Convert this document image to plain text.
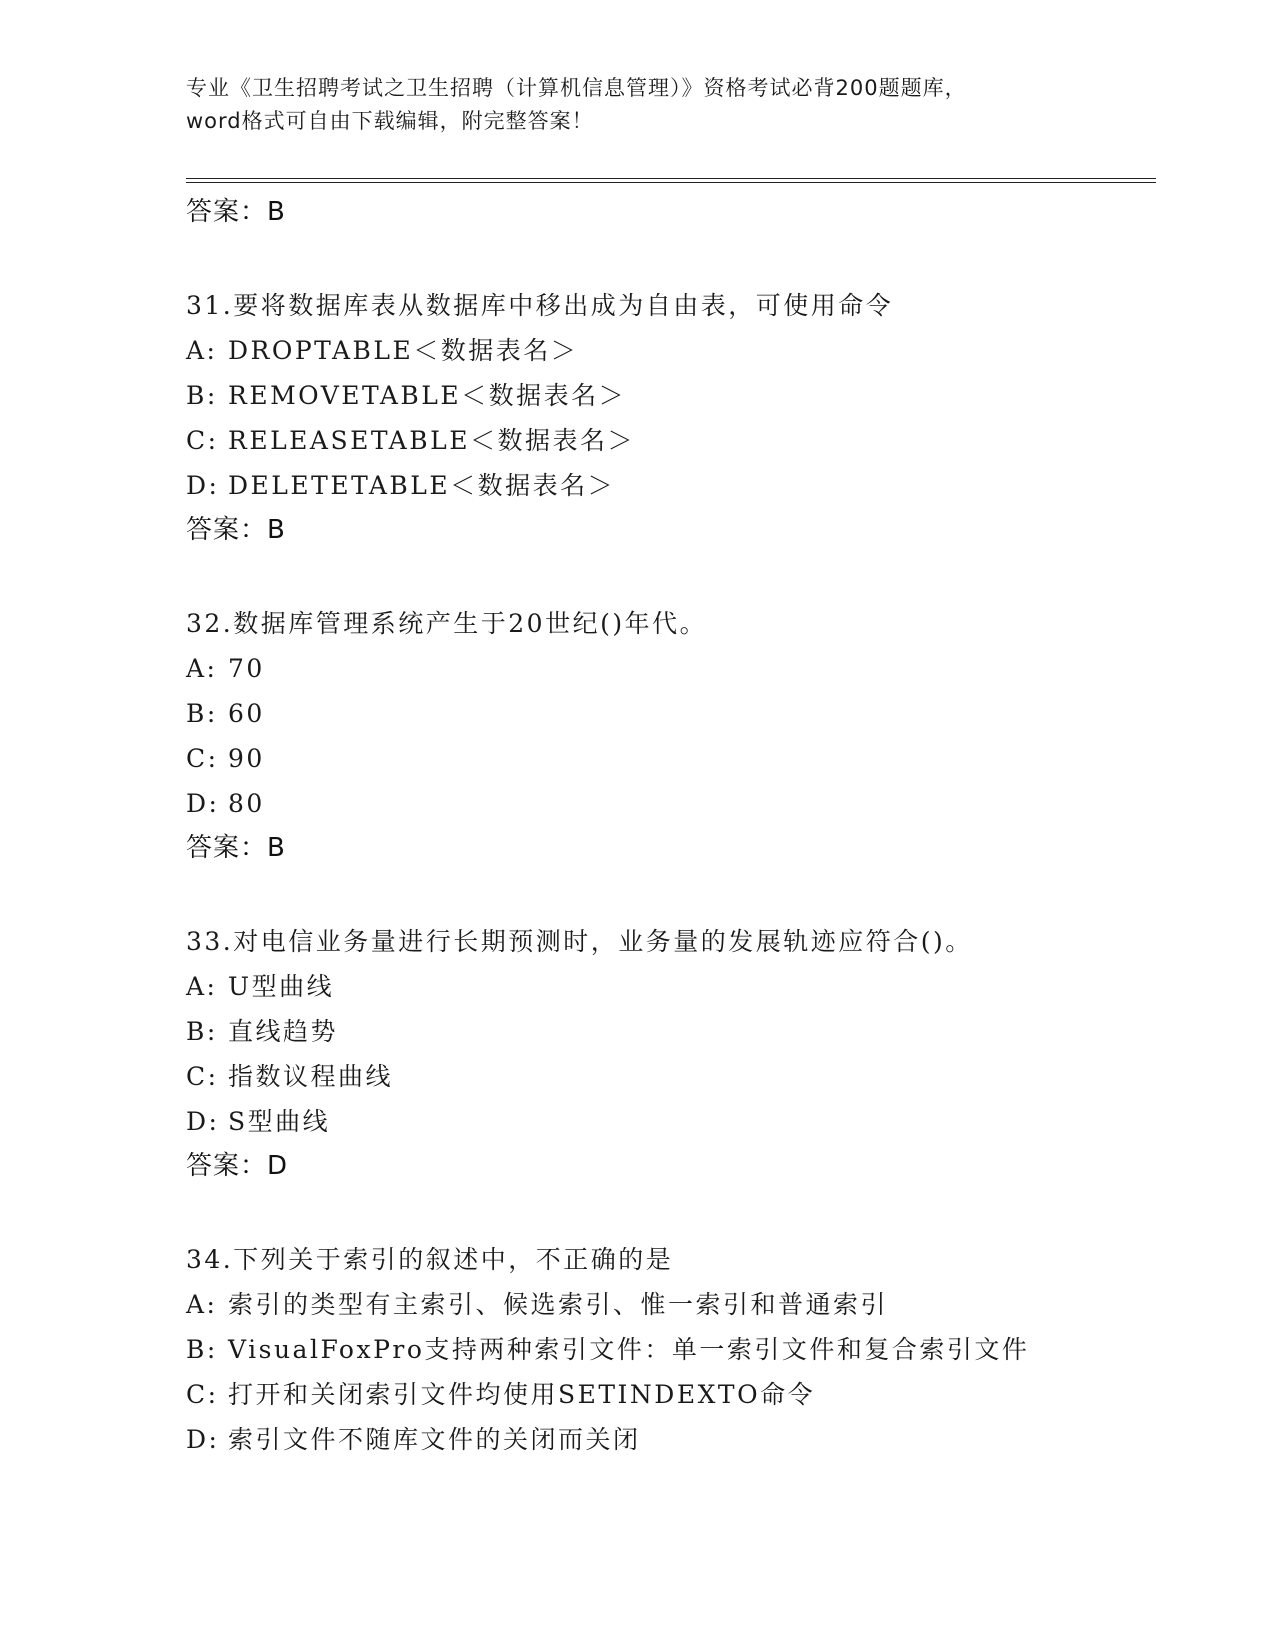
专业《卫生招聘考试之卫生招聘（计算机信息管理）》资格考试必背200题题库，
word格式可自由下载编辑，附完整答案！
答案：B
31.要将数据库表从数据库中移出成为自由表，可使用命令
A: DROPTABLE＜数据表名＞
B: REMOVETABLE＜数据表名＞
C: RELEASETABLE＜数据表名＞
D: DELETETABLE＜数据表名＞
答案：B
32.数据库管理系统产生于20世纪()年代。
A: 70
B: 60
C: 90
D: 80
答案：B
33.对电信业务量进行长期预测时，业务量的发展轨迹应符合()。
A: U型曲线
B: 直线趋势
C: 指数议程曲线
D: S型曲线
答案：D
34.下列关于索引的叙述中，不正确的是
A: 索引的类型有主索引、候选索引、惟一索引和普通索引
B: VisualFoxPro支持两种索引文件：单一索引文件和复合索引文件
C: 打开和关闭索引文件均使用SETINDEXTO命令
D: 索引文件不随库文件的关闭而关闭
